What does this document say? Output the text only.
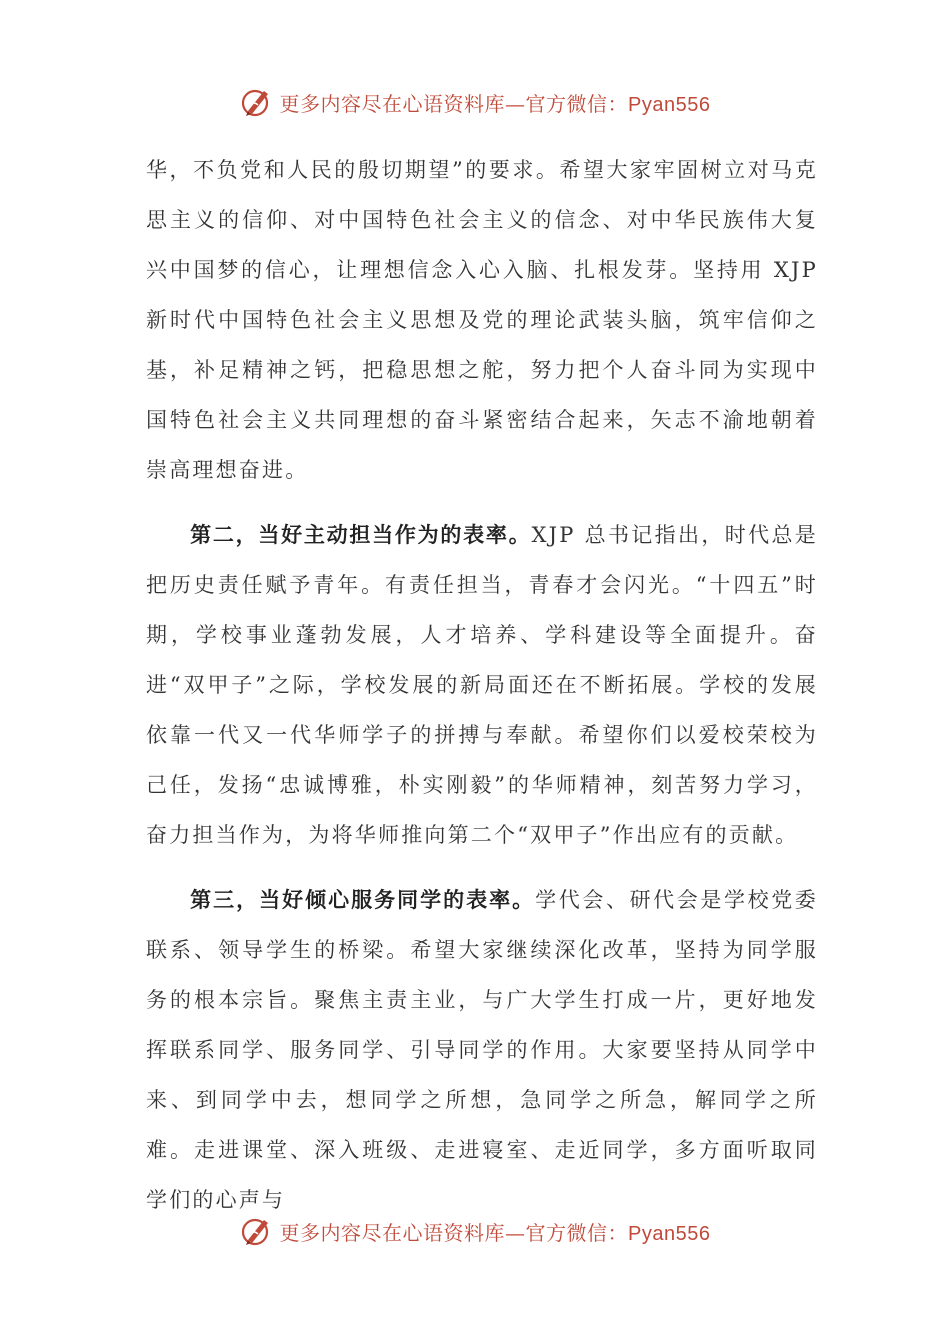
更多内容尽在心语资料库—官方微信：Pyan556

华，不负党和人民的殷切期望”的要求。希望大家牢固树立对马克思主义的信仰、对中国特色社会主义的信念、对中华民族伟大复兴中国梦的信心，让理想信念入心入脑、扎根发芽。坚持用 XJP 新时代中国特色社会主义思想及党的理论武装头脑，筑牢信仰之基，补足精神之钙，把稳思想之舵，努力把个人奋斗同为实现中国特色社会主义共同理想的奋斗紧密结合起来，矢志不渝地朝着崇高理想奋进。

第二，当好主动担当作为的表率。XJP 总书记指出，时代总是把历史责任赋予青年。有责任担当，青春才会闪光。“十四五”时期，学校事业蓬勃发展，人才培养、学科建设等全面提升。奋进“双甲子”之际，学校发展的新局面还在不断拓展。学校的发展依靠一代又一代华师学子的拼搏与奉献。希望你们以爱校荣校为己任，发扬“忠诚博雅，朴实刚毅”的华师精神，刻苦努力学习，奋力担当作为，为将华师推向第二个“双甲子”作出应有的贡献。

第三，当好倾心服务同学的表率。学代会、研代会是学校党委联系、领导学生的桥梁。希望大家继续深化改革，坚持为同学服务的根本宗旨。聚焦主责主业，与广大学生打成一片，更好地发挥联系同学、服务同学、引导同学的作用。大家要坚持从同学中来、到同学中去，想同学之所想，急同学之所急，解同学之所难。走进课堂、深入班级、走进寝室、走近同学，多方面听取同学们的心声与

更多内容尽在心语资料库—官方微信：Pyan556
